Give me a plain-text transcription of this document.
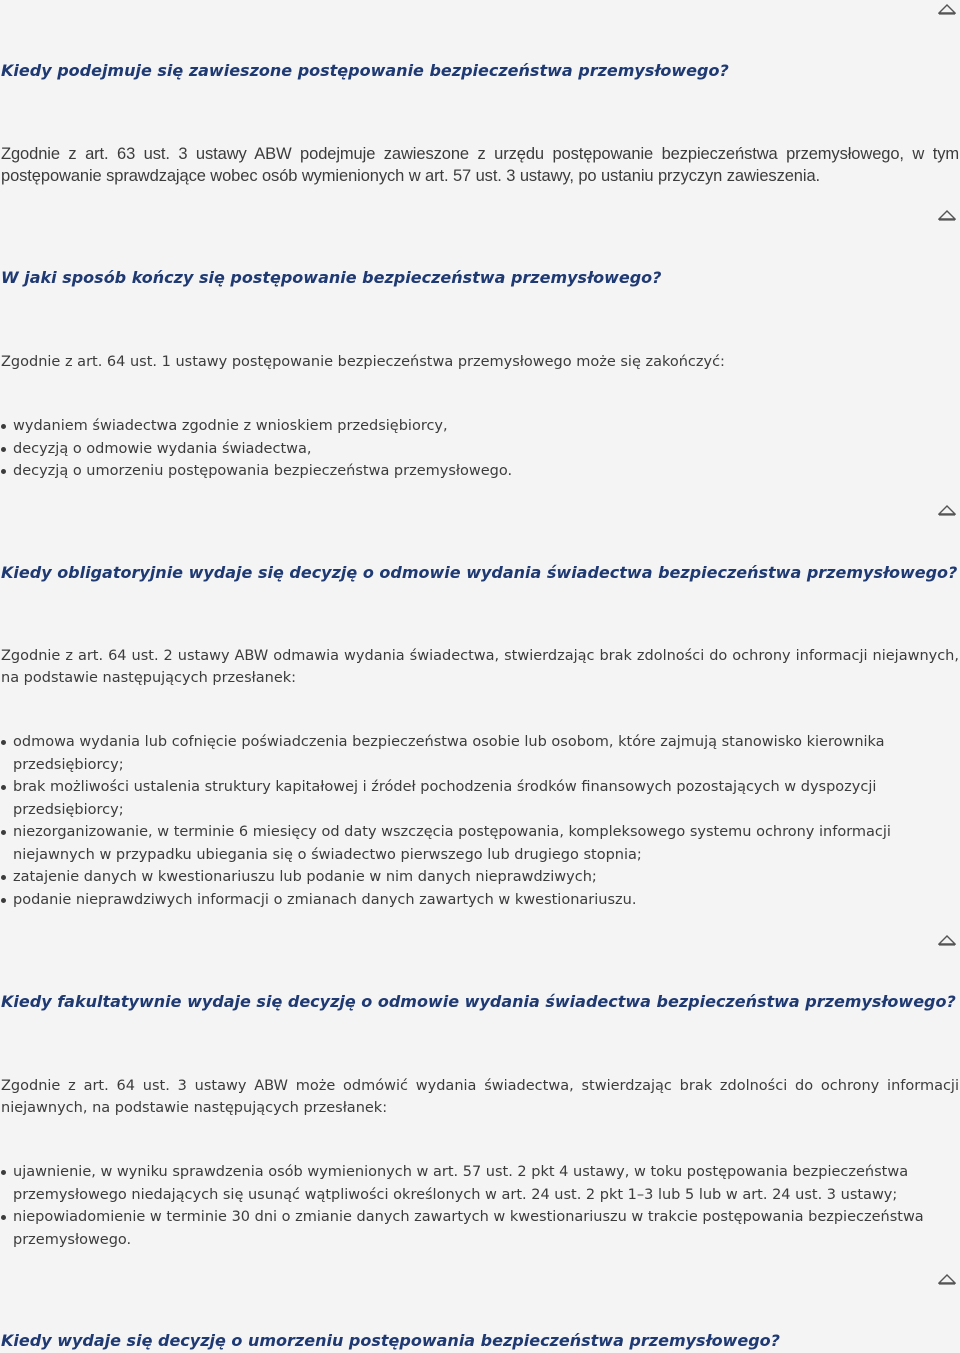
Kiedy podejmuje się zawieszone postępowanie bezpieczeństwa przemysłowego?

Zgodnie z art. 63 ust. 3 ustawy ABW podejmuje zawieszone z urzędu postępowanie bezpieczeństwa przemysłowego, w tym postępowanie sprawdzające wobec osób wymienionych w art. 57 ust. 3 ustawy, po ustaniu przyczyn zawieszenia.

W jaki sposób kończy się postępowanie bezpieczeństwa przemysłowego?

Zgodnie z art. 64 ust. 1 ustawy postępowanie bezpieczeństwa przemysłowego może się zakończyć:

wydaniem świadectwa zgodnie z wnioskiem przedsiębiorcy,
decyzją o odmowie wydania świadectwa,
decyzją o umorzeniu postępowania bezpieczeństwa przemysłowego.
Kiedy obligatoryjnie wydaje się decyzję o odmowie wydania świadectwa bezpieczeństwa przemysłowego?

Zgodnie z art. 64 ust. 2 ustawy ABW odmawia wydania świadectwa, stwierdzając brak zdolności do ochrony informacji niejawnych, na podstawie następujących przesłanek:

odmowa wydania lub cofnięcie poświadczenia bezpieczeństwa osobie lub osobom, które zajmują stanowisko kierownika przedsiębiorcy;
brak możliwości ustalenia struktury kapitałowej i źródeł pochodzenia środków finansowych pozostających w dyspozycji przedsiębiorcy;
niezorganizowanie, w terminie 6 miesięcy od daty wszczęcia postępowania, kompleksowego systemu ochrony informacji niejawnych w przypadku ubiegania się o świadectwo pierwszego lub drugiego stopnia;
zatajenie danych w kwestionariuszu lub podanie w nim danych nieprawdziwych;
podanie nieprawdziwych informacji o zmianach danych zawartych w kwestionariuszu.
Kiedy fakultatywnie wydaje się decyzję o odmowie wydania świadectwa bezpieczeństwa przemysłowego?

Zgodnie z art. 64 ust. 3 ustawy ABW może odmówić wydania świadectwa, stwierdzając brak zdolności do ochrony informacji niejawnych, na podstawie następujących przesłanek:

ujawnienie, w wyniku sprawdzenia osób wymienionych w art. 57 ust. 2 pkt 4 ustawy, w toku postępowania bezpieczeństwa przemysłowego niedających się usunąć wątpliwości określonych w art. 24 ust. 2 pkt 1–3 lub 5 lub w art. 24 ust. 3 ustawy;
niepowiadomienie w terminie 30 dni o zmianie danych zawartych w kwestionariuszu w trakcie postępowania bezpieczeństwa przemysłowego.
Kiedy wydaje się decyzję o umorzeniu postępowania bezpieczeństwa przemysłowego?
